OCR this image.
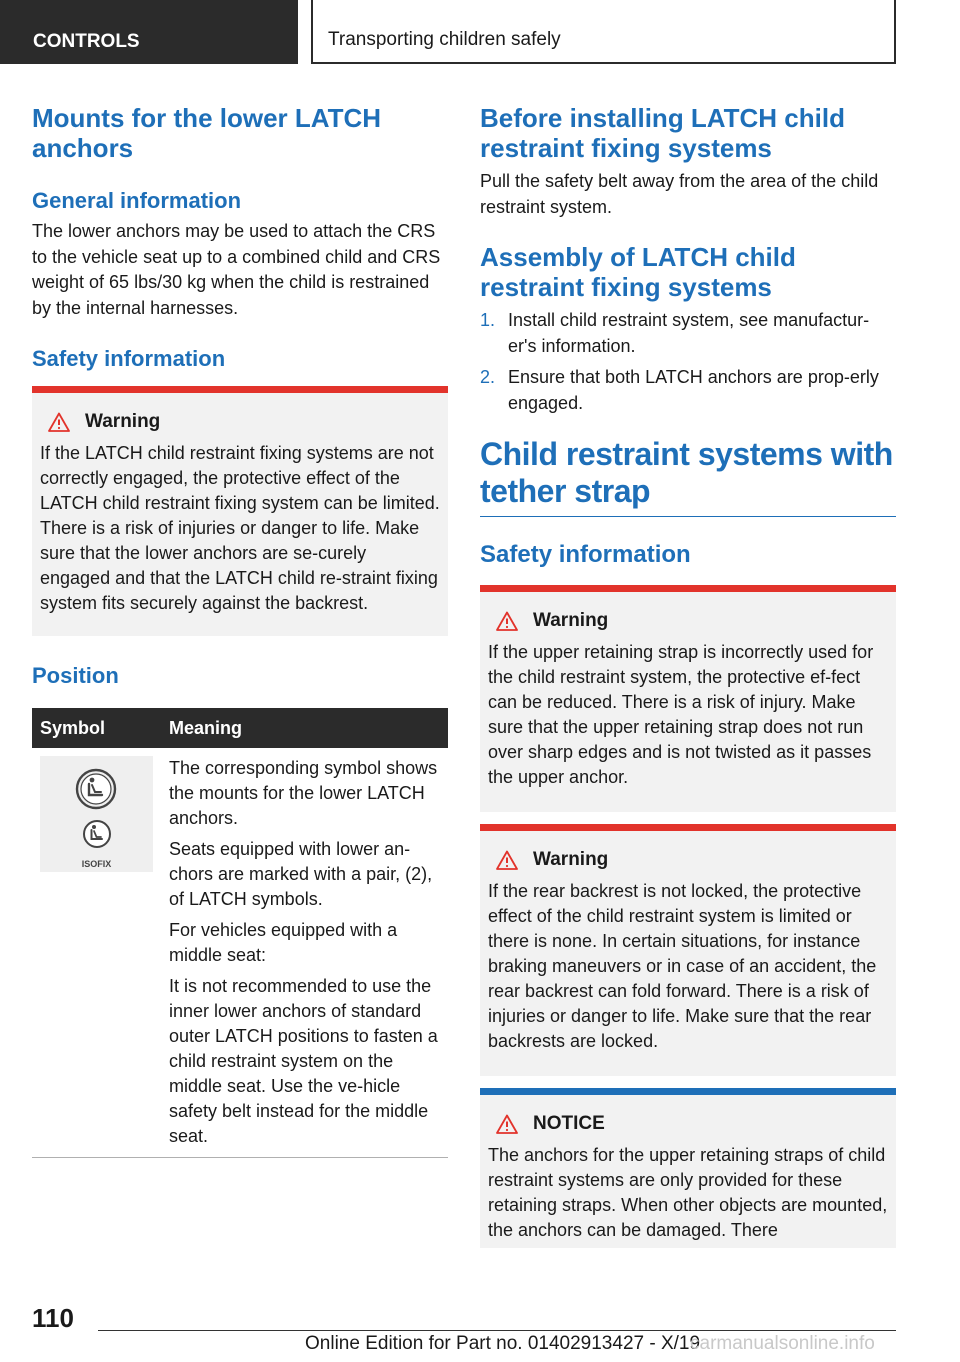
CONTROLS	Transporting children safely
Mounts for the lower LATCH anchors
General information
The lower anchors may be used to attach the CRS to the vehicle seat up to a combined child and CRS weight of 65 lbs/30 kg when the child is restrained by the internal harnesses.
Safety information
Warning
If the LATCH child restraint fixing systems are not correctly engaged, the protective effect of the LATCH child restraint fixing system can be limited. There is a risk of injuries or danger to life. Make sure that the lower anchors are se-curely engaged and that the LATCH child re-straint fixing system fits securely against the backrest.
Position
Symbol	Meaning

ISOFIX	The corresponding symbol shows the mounts for the lower LATCH anchors.
Seats equipped with lower an-chors are marked with a pair, (2), of LATCH symbols.
For vehicles equipped with a middle seat:
It is not recommended to use the inner lower anchors of standard outer LATCH positions to fasten a child restraint system on the middle seat. Use the ve-hicle safety belt instead for the middle seat.
Before installing LATCH child restraint fixing systems
Pull the safety belt away from the area of the child restraint system.
Assembly of LATCH child restraint fixing systems
1. Install child restraint system, see manufactur-er's information.
2. Ensure that both LATCH anchors are prop-erly engaged.
Child restraint systems with tether strap
Safety information
Warning
If the upper retaining strap is incorrectly used for the child restraint system, the protective ef-fect can be reduced. There is a risk of injury. Make sure that the upper retaining strap does not run over sharp edges and is not twisted as it passes the upper anchor.
Warning
If the rear backrest is not locked, the protective effect of the child restraint system is limited or there is none. In certain situations, for instance braking maneuvers or in case of an accident, the rear backrest can fold forward. There is a risk of injuries or danger to life. Make sure that the rear backrests are locked.
NOTICE
The anchors for the upper retaining straps of child restraint systems are only provided for these retaining straps. When other objects are mounted, the anchors can be damaged. There
110
Online Edition for Part no. 01402913427 - X/19
carmanualsonline.info
